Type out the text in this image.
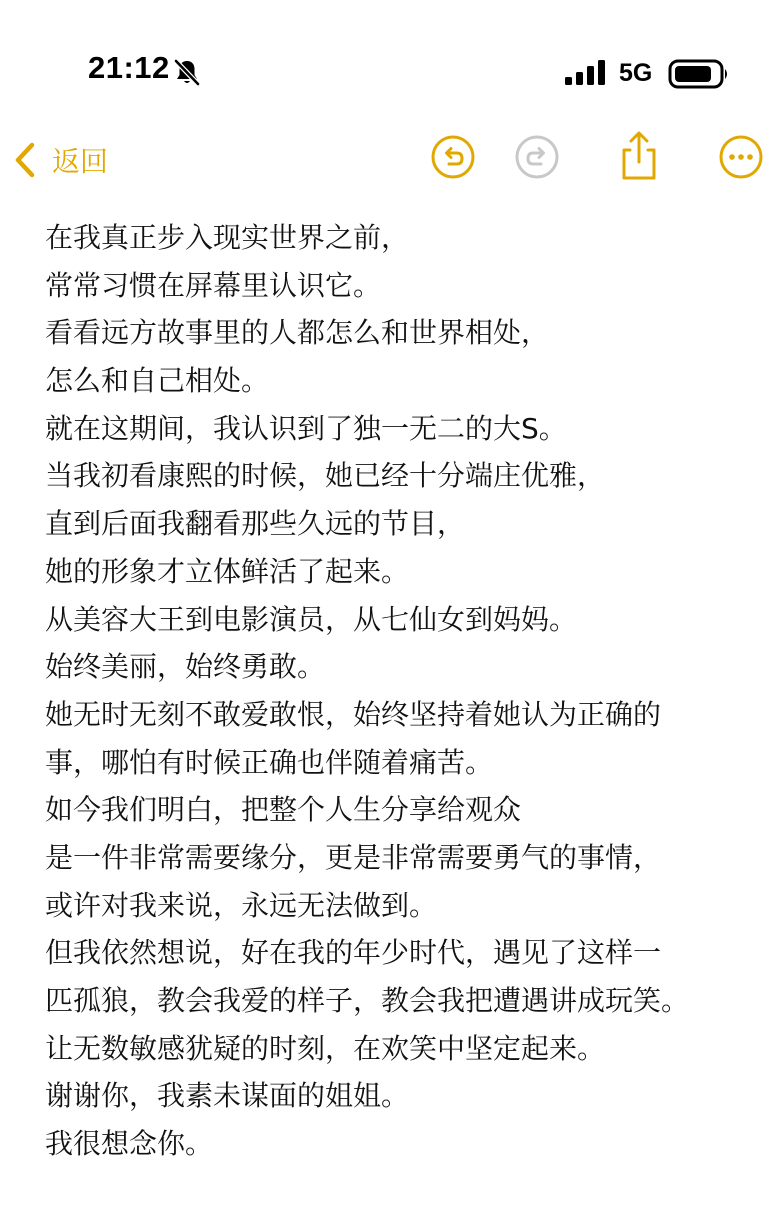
21:12	5G
返回
在我真正步入现实世界之前，
常常习惯在屏幕里认识它。
看看远方故事里的人都怎么和世界相处，
怎么和自己相处。
就在这期间，我认识到了独一无二的大S。
当我初看康熙的时候，她已经十分端庄优雅，
直到后面我翻看那些久远的节目，
她的形象才立体鲜活了起来。
从美容大王到电影演员，从七仙女到妈妈。
始终美丽，始终勇敢。
她无时无刻不敢爱敢恨，始终坚持着她认为正确的
事，哪怕有时候正确也伴随着痛苦。
如今我们明白，把整个人生分享给观众
是一件非常需要缘分，更是非常需要勇气的事情，
或许对我来说，永远无法做到。
但我依然想说，好在我的年少时代，遇见了这样一
匹孤狼，教会我爱的样子，教会我把遭遇讲成玩笑。
让无数敏感犹疑的时刻，在欢笑中坚定起来。
谢谢你，我素未谋面的姐姐。
我很想念你。
